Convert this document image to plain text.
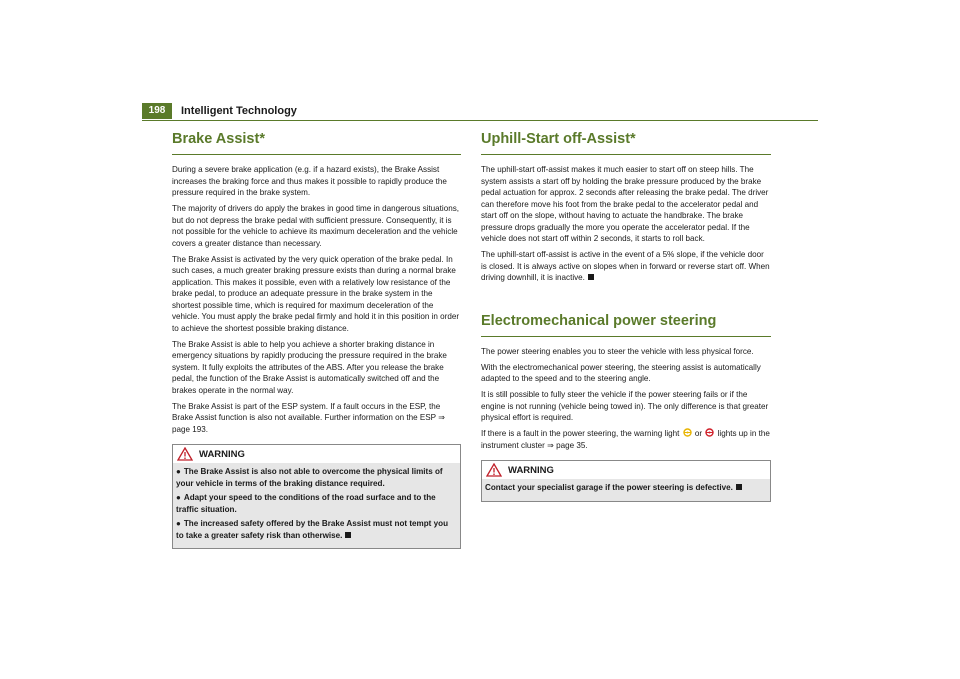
198	Intelligent Technology
Brake Assist*

During a severe brake application (e.g. if a hazard exists), the Brake Assist increases the braking force and thus makes it possible to rapidly produce the pressure required in the brake system.

The majority of drivers do apply the brakes in good time in dangerous situations, but do not depress the brake pedal with sufficient pressure. Consequently, it is not possible for the vehicle to achieve its maximum deceleration and the vehicle covers a greater distance than necessary.

The Brake Assist is activated by the very quick operation of the brake pedal. In such cases, a much greater braking pressure exists than during a normal brake application. This makes it possible, even with a relatively low resistance of the brake pedal, to produce an adequate pressure in the brake system in the shortest possible time, which is required for maximum deceleration of the vehicle. You must apply the brake pedal firmly and hold it in this position in order to achieve the shortest possible braking distance.

The Brake Assist is able to help you achieve a shorter braking distance in emergency situations by rapidly producing the pressure required in the brake system. It fully exploits the attributes of the ABS. After you release the brake pedal, the function of the Brake Assist is automatically switched off and the brakes operate in the normal way.

The Brake Assist is part of the ESP system. If a fault occurs in the ESP, the Brake Assist function is also not available. Further information on the ESP ⇒ page 193.

WARNING
● The Brake Assist is also not able to overcome the physical limits of your vehicle in terms of the braking distance required.
● Adapt your speed to the conditions of the road surface and to the traffic situation.
● The increased safety offered by the Brake Assist must not tempt you to take a greater safety risk than otherwise.
Uphill-Start off-Assist*

The uphill-start off-assist makes it much easier to start off on steep hills. The system assists a start off by holding the brake pressure produced by the brake pedal actuation for approx. 2 seconds after releasing the brake pedal. The driver can therefore move his foot from the brake pedal to the accelerator pedal and start off on the slope, without having to actuate the handbrake. The brake pressure drops gradually the more you operate the accelerator pedal. If the vehicle does not start off within 2 seconds, it starts to roll back.

The uphill-start off-assist is active in the event of a 5% slope, if the vehicle door is closed. It is always active on slopes when in forward or reverse start off. When driving downhill, it is inactive.

Electromechanical power steering

The power steering enables you to steer the vehicle with less physical force.

With the electromechanical power steering, the steering assist is automatically adapted to the speed and to the steering angle.

It is still possible to fully steer the vehicle if the power steering fails or if the engine is not running (vehicle being towed in). The only difference is that greater physical effort is required.

If there is a fault in the power steering, the warning light or lights up in the instrument cluster ⇒ page 35.

WARNING
Contact your specialist garage if the power steering is defective.
